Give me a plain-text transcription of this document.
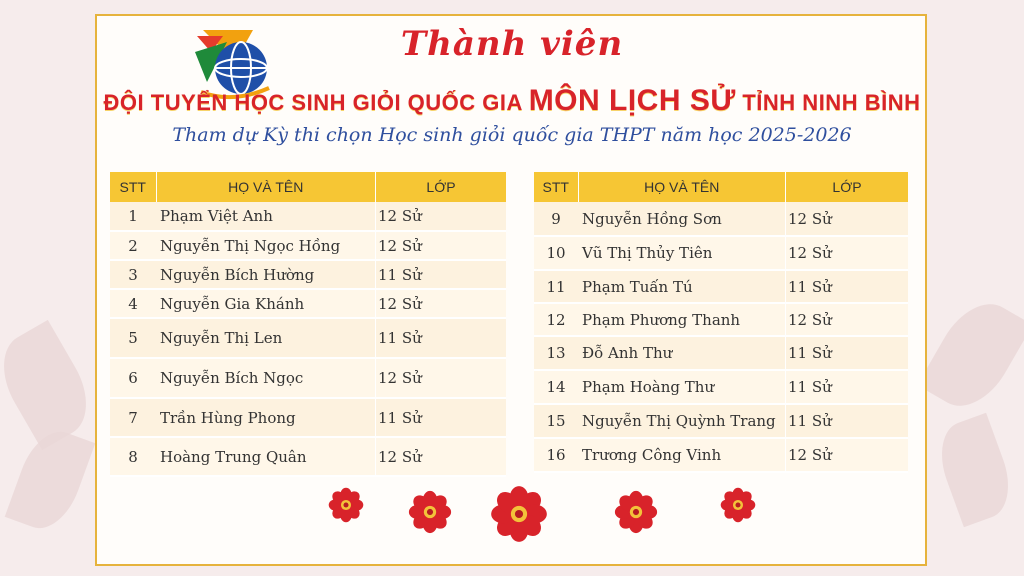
Thành viên
ĐỘI TUYỂN HỌC SINH GIỎI QUỐC GIA MÔN LỊCH SỬ TỈNH NINH BÌNH
Tham dự Kỳ thi chọn Học sinh giỏi quốc gia THPT năm học 2025-2026
STT	HỌ VÀ TÊN	LỚP
1	Phạm Việt Anh	12 Sử
2	Nguyễn Thị Ngọc Hồng	12 Sử
3	Nguyễn Bích Hường	11 Sử
4	Nguyễn Gia Khánh	12 Sử
5	Nguyễn Thị Len	11 Sử
6	Nguyễn Bích Ngọc	12 Sử
7	Trần Hùng Phong	11 Sử
8	Hoàng Trung Quân	12 Sử
STT	HỌ VÀ TÊN	LỚP
9	Nguyễn Hồng Sơn	12 Sử
10	Vũ Thị Thủy Tiên	12 Sử
11	Phạm Tuấn Tú	11 Sử
12	Phạm Phương Thanh	12 Sử
13	Đỗ Anh Thư	11 Sử
14	Phạm Hoàng Thư	11 Sử
15	Nguyễn Thị Quỳnh Trang	11 Sử
16	Trương Công Vinh	12 Sử
